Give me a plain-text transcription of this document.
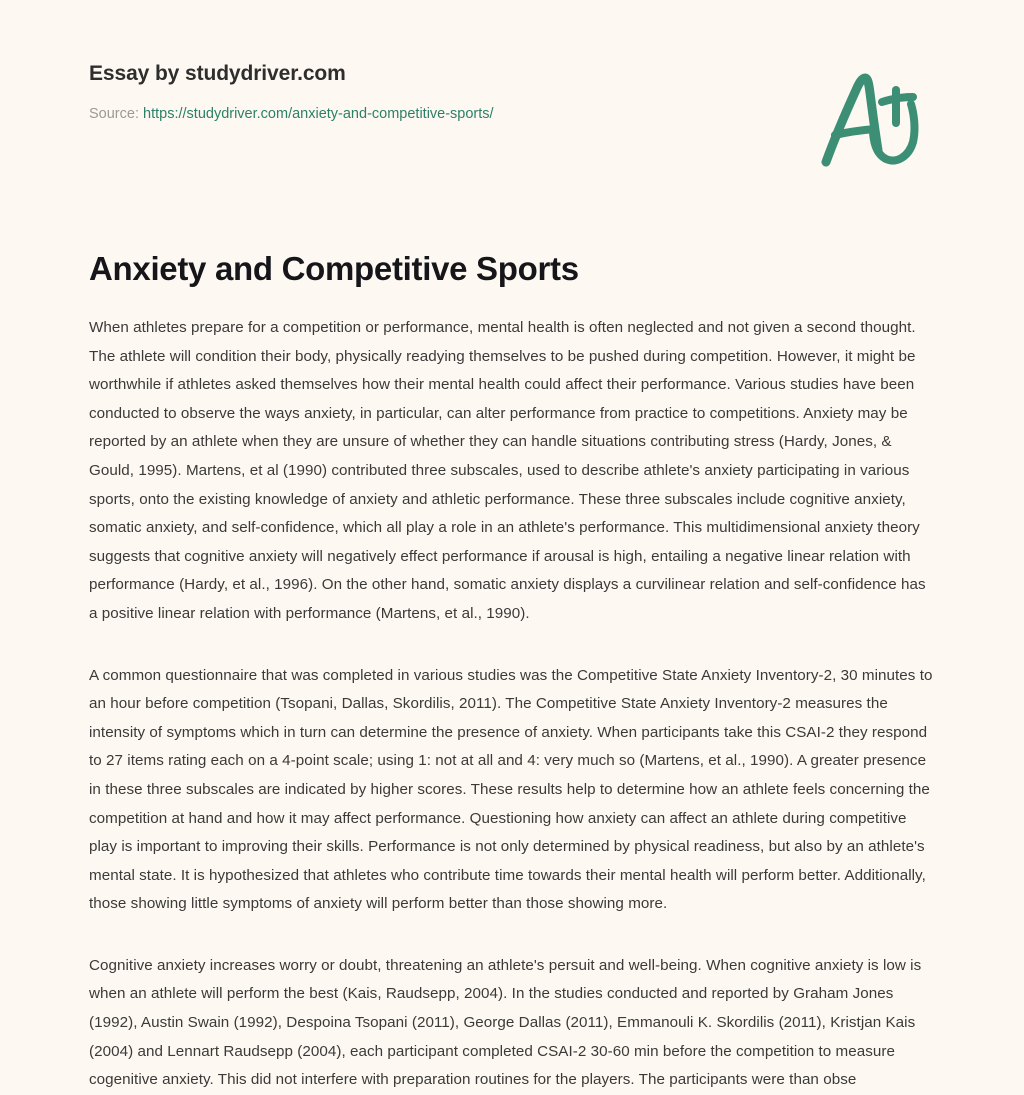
Essay by studydriver.com
Source: https://studydriver.com/anxiety-and-competitive-sports/
Anxiety and Competitive Sports

When athletes prepare for a competition or performance, mental health is often neglected and not given a second thought. The athlete will condition their body, physically readying themselves to be pushed during competition. However, it might be worthwhile if athletes asked themselves how their mental health could affect their performance. Various studies have been conducted to observe the ways anxiety, in particular, can alter performance from practice to competitions. Anxiety may be reported by an athlete when they are unsure of whether they can handle situations contributing stress (Hardy, Jones, & Gould, 1995). Martens, et al (1990) contributed three subscales, used to describe athlete's anxiety participating in various sports, onto the existing knowledge of anxiety and athletic performance. These three subscales include cognitive anxiety, somatic anxiety, and self-confidence, which all play a role in an athlete's performance. This multidimensional anxiety theory suggests that cognitive anxiety will negatively effect performance if arousal is high, entailing a negative linear relation with performance (Hardy, et al., 1996). On the other hand, somatic anxiety displays a curvilinear relation and self-confidence has a positive linear relation with performance (Martens, et al., 1990).

A common questionnaire that was completed in various studies was the Competitive State Anxiety Inventory-2, 30 minutes to an hour before competition (Tsopani, Dallas, Skordilis, 2011). The Competitive State Anxiety Inventory-2 measures the intensity of symptoms which in turn can determine the presence of anxiety. When participants take this CSAI-2 they respond to 27 items rating each on a 4-point scale; using 1: not at all and 4: very much so (Martens, et al., 1990). A greater presence in these three subscales are indicated by higher scores. These results help to determine how an athlete feels concerning the competition at hand and how it may affect performance. Questioning how anxiety can affect an athlete during competitive play is important to improving their skills. Performance is not only determined by physical readiness, but also by an athlete's mental state. It is hypothesized that athletes who contribute time towards their mental health will perform better. Additionally, those showing little symptoms of anxiety will perform better than those showing more.

Cognitive anxiety increases worry or doubt, threatening an athlete's persuit and well-being. When cognitive anxiety is low is when an athlete will perform the best (Kais, Raudsepp, 2004). In the studies conducted and reported by Graham Jones (1992), Austin Swain (1992), Despoina Tsopani (2011), George Dallas (2011), Emmanouli K. Skordilis (2011), Kristjan Kais (2004) and Lennart Raudsepp (2004), each participant completed CSAI-2 30-60 min before the competition to measure cogenitive anxiety. This did not interfere with preparation routines for the players. The participants were than obse
